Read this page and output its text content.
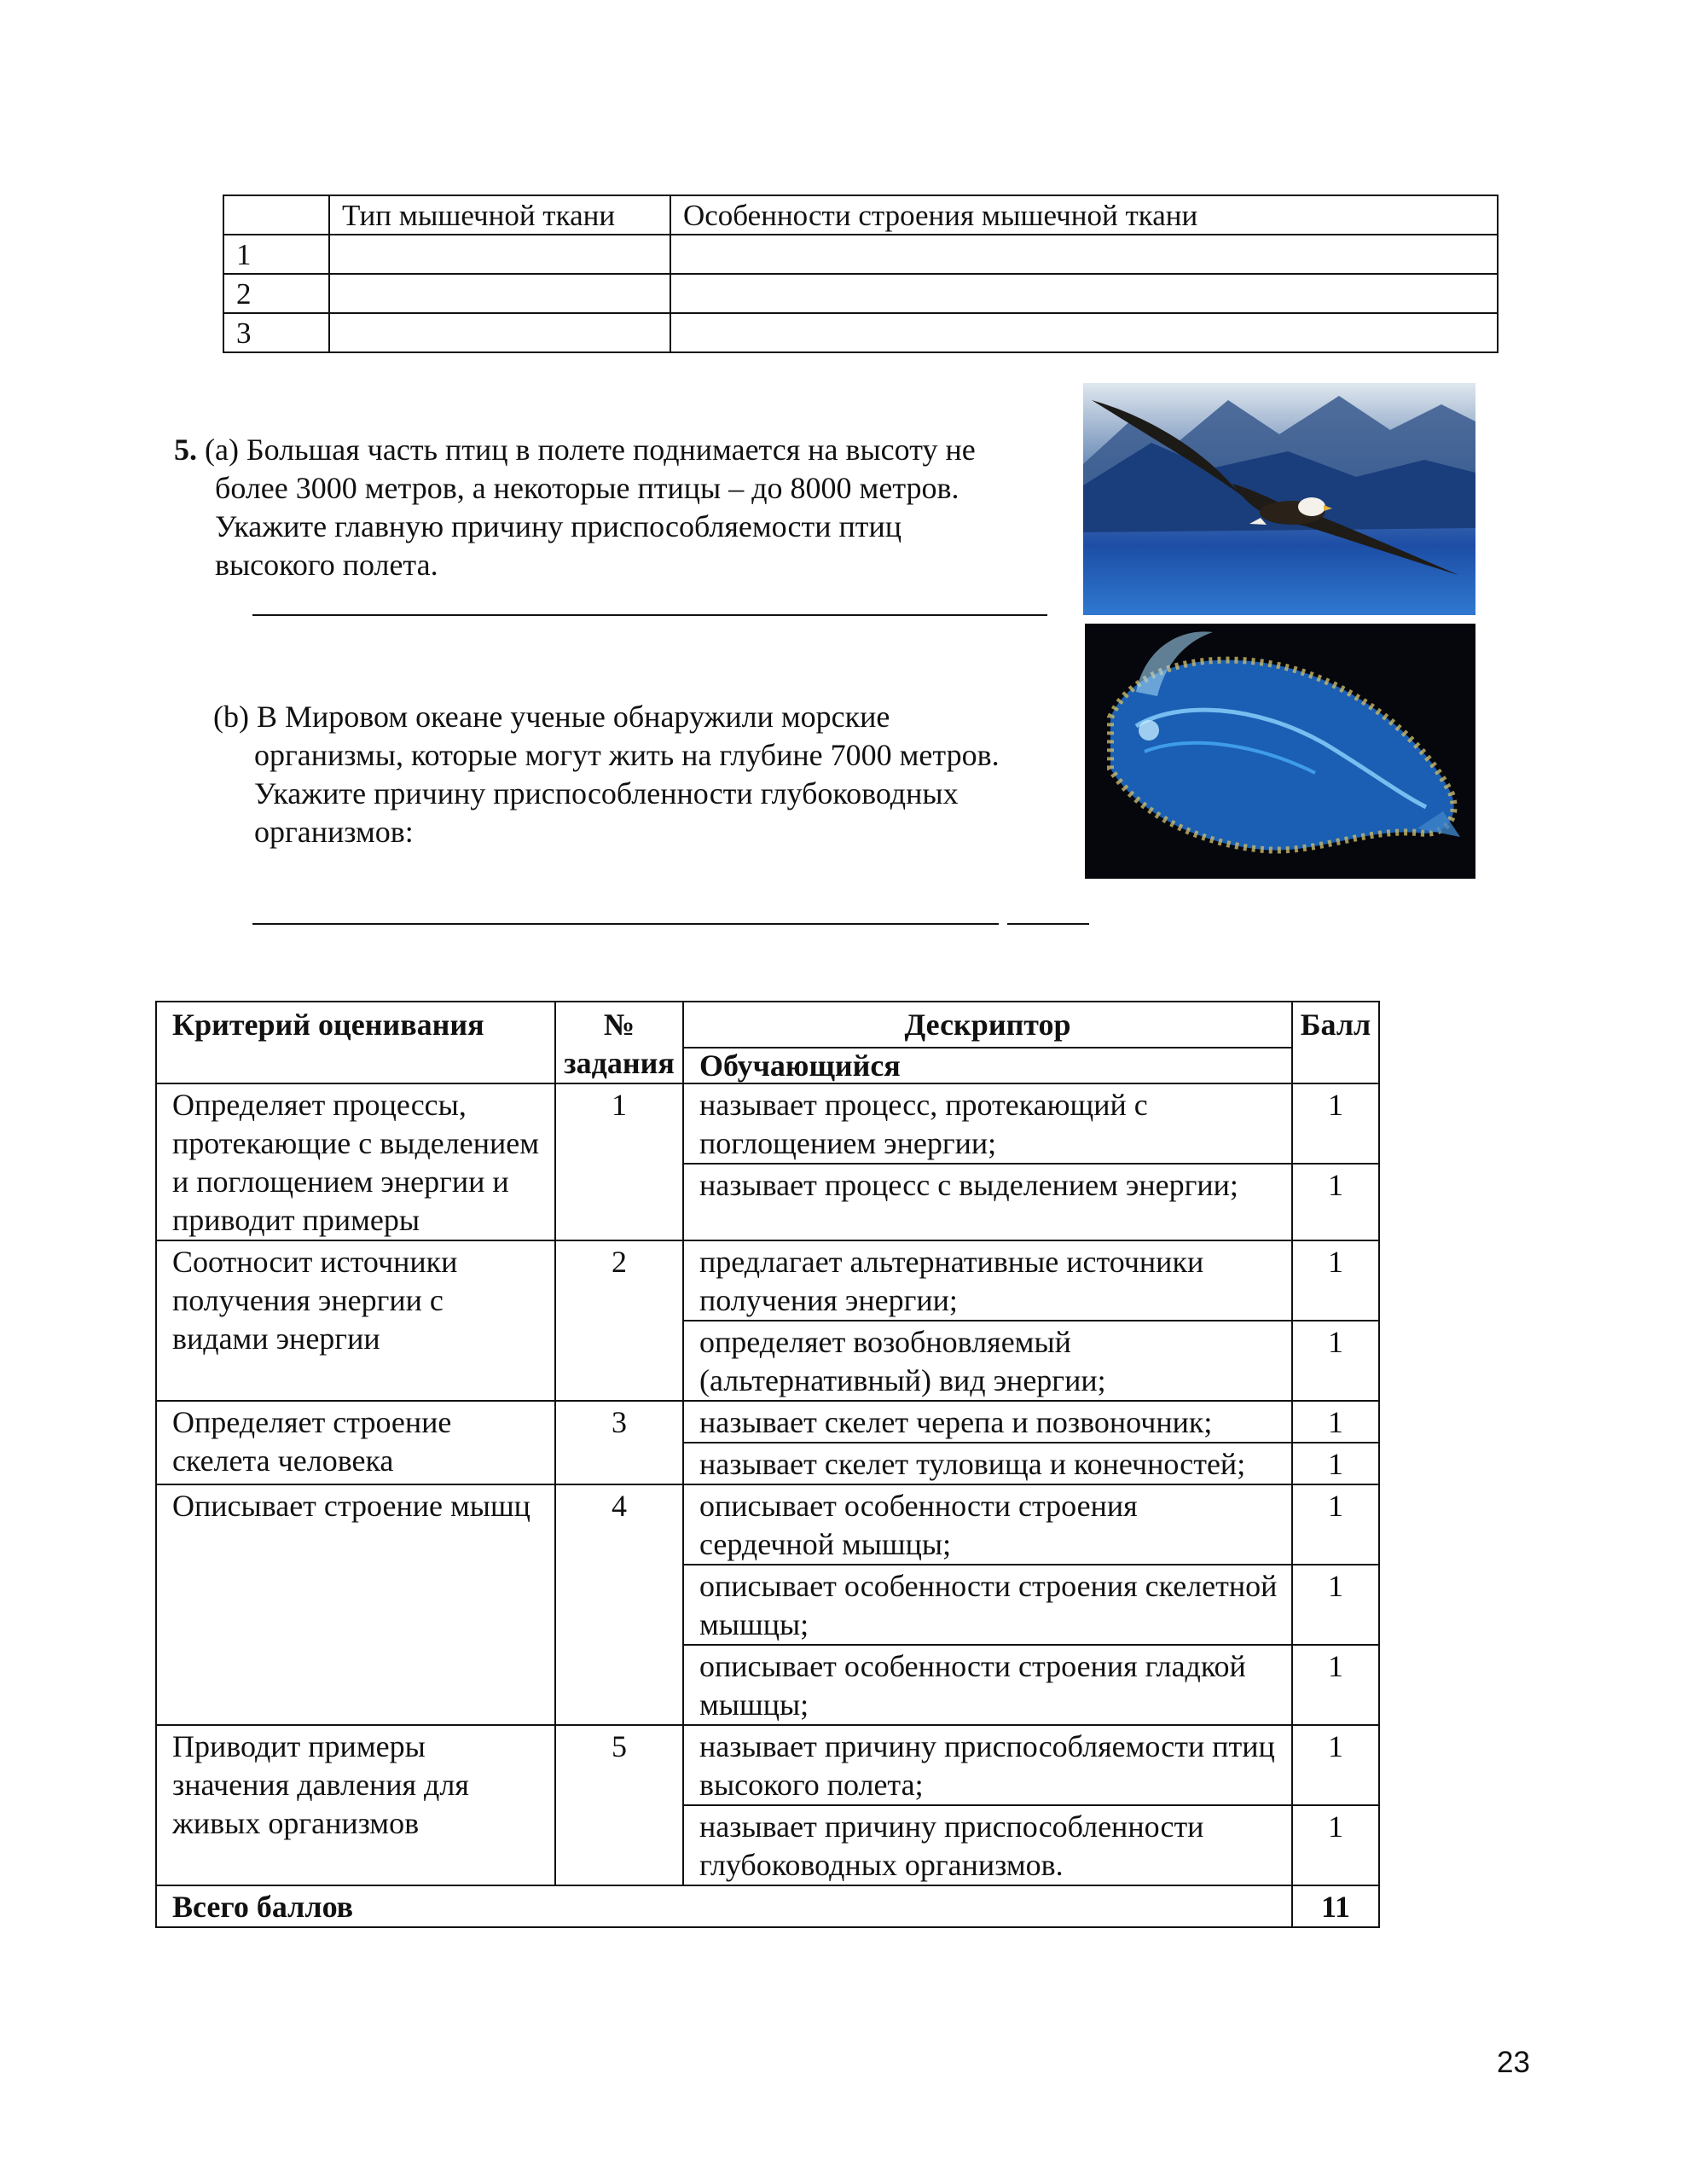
	Тип мышечной ткани	Особенности строения мышечной ткани
1		
2		
3		
5. (a) Большая часть птиц в полете поднимается на высоту не
более 3000 метров, а некоторые птицы – до 8000 метров. Укажите главную причину приспособляемости птиц высокого полета.
(b) В Мировом океане ученые обнаружили морские
организмы, которые могут жить на глубине 7000 метров.
Укажите причину приспособленности глубоководных организмов:
Критерий оценивания	№ задания	Дескриптор	Балл
		Обучающийся	
Определяет процессы, протекающие с выделением и поглощением энергии и приводит примеры	1	называет процесс, протекающий с поглощением энергии;	1
		называет процесс с выделением энергии;	1
Соотносит источники получения энергии с видами энергии	2	предлагает альтернативные источники получения энергии;	1
		определяет возобновляемый (альтернативный) вид энергии;	1
Определяет строение скелета человека	3	называет скелет черепа и позвоночник;	1
		называет скелет туловища и конечностей;	1
Описывает строение мышц	4	описывает особенности строения сердечной мышцы;	1
		описывает особенности строения скелетной мышцы;	1
		описывает особенности строения гладкой мышцы;	1
Приводит примеры значения давления для живых организмов	5	называет причину приспособляемости птиц высокого полета;	1
		называет причину приспособленности глубоководных организмов.	1
Всего баллов			11
23
